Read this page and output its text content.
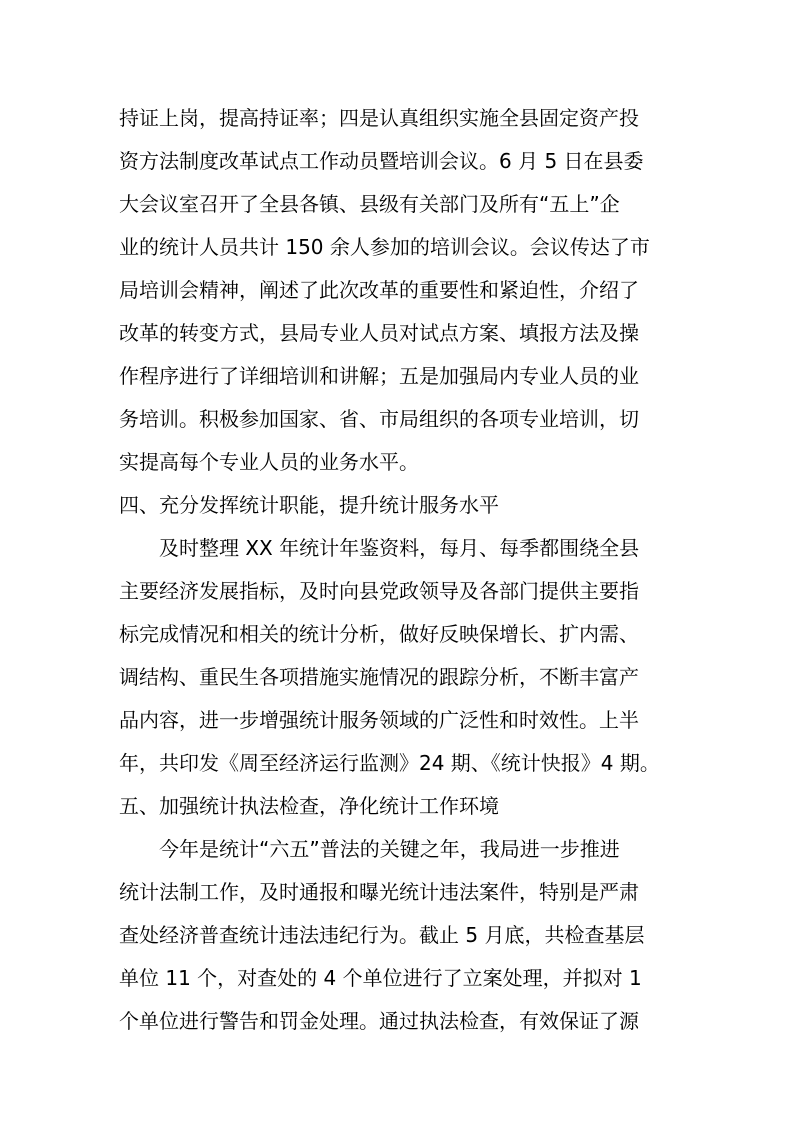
持证上岗，提高持证率；四是认真组织实施全县固定资产投
资方法制度改革试点工作动员暨培训会议。6 月 5 日在县委
大会议室召开了全县各镇、县级有关部门及所有“五上”企
业的统计人员共计 150 余人参加的培训会议。会议传达了市
局培训会精神，阐述了此次改革的重要性和紧迫性，介绍了
改革的转变方式，县局专业人员对试点方案、填报方法及操
作程序进行了详细培训和讲解；五是加强局内专业人员的业
务培训。积极参加国家、省、市局组织的各项专业培训，切
实提高每个专业人员的业务水平。
四、充分发挥统计职能，提升统计服务水平
及时整理 XX 年统计年鉴资料，每月、每季都围绕全县
主要经济发展指标，及时向县党政领导及各部门提供主要指
标完成情况和相关的统计分析，做好反映保增长、扩内需、
调结构、重民生各项措施实施情况的跟踪分析，不断丰富产
品内容，进一步增强统计服务领域的广泛性和时效性。上半
年，共印发《周至经济运行监测》24 期、《统计快报》4 期。
五、加强统计执法检查，净化统计工作环境
今年是统计“六五”普法的关键之年，我局进一步推进
统计法制工作，及时通报和曝光统计违法案件，特别是严肃
查处经济普查统计违法违纪行为。截止 5 月底，共检查基层
单位 11 个，对查处的 4 个单位进行了立案处理，并拟对 1
个单位进行警告和罚金处理。通过执法检查，有效保证了源
